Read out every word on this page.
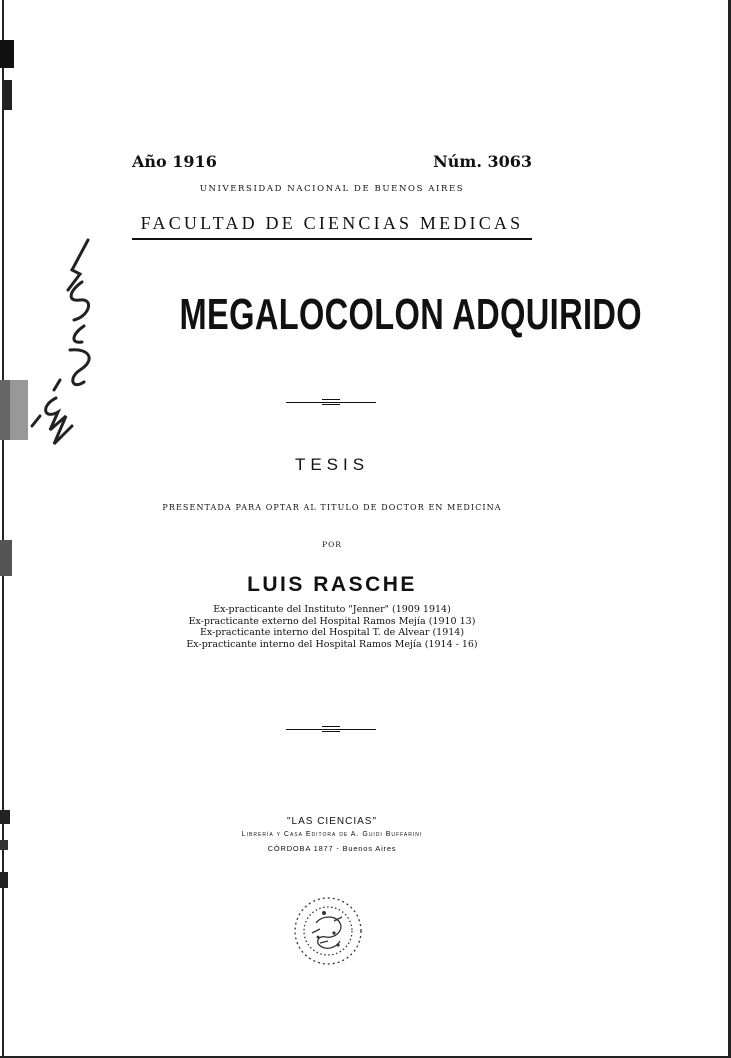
Año 1916	Núm. 3063
UNIVERSIDAD NACIONAL DE BUENOS AIRES
FACULTAD DE CIENCIAS MEDICAS
MEGALOCOLON ADQUIRIDO
TESIS
PRESENTADA PARA OPTAR AL TITULO DE DOCTOR EN MEDICINA
POR
LUIS RASCHE
Ex-practicante del Instituto "Jenner" (1909 1914)
Ex-practicante externo del Hospital Ramos Mejía (1910 13)
Ex-practicante interno del Hospital T. de Alvear (1914)
Ex-practicante interno del Hospital Ramos Mejía (1914 - 16)
"LAS CIENCIAS"
Librería y Casa Editora de A. Guidi Buffarini
CÓRDOBA 1877 - Buenos Aires
